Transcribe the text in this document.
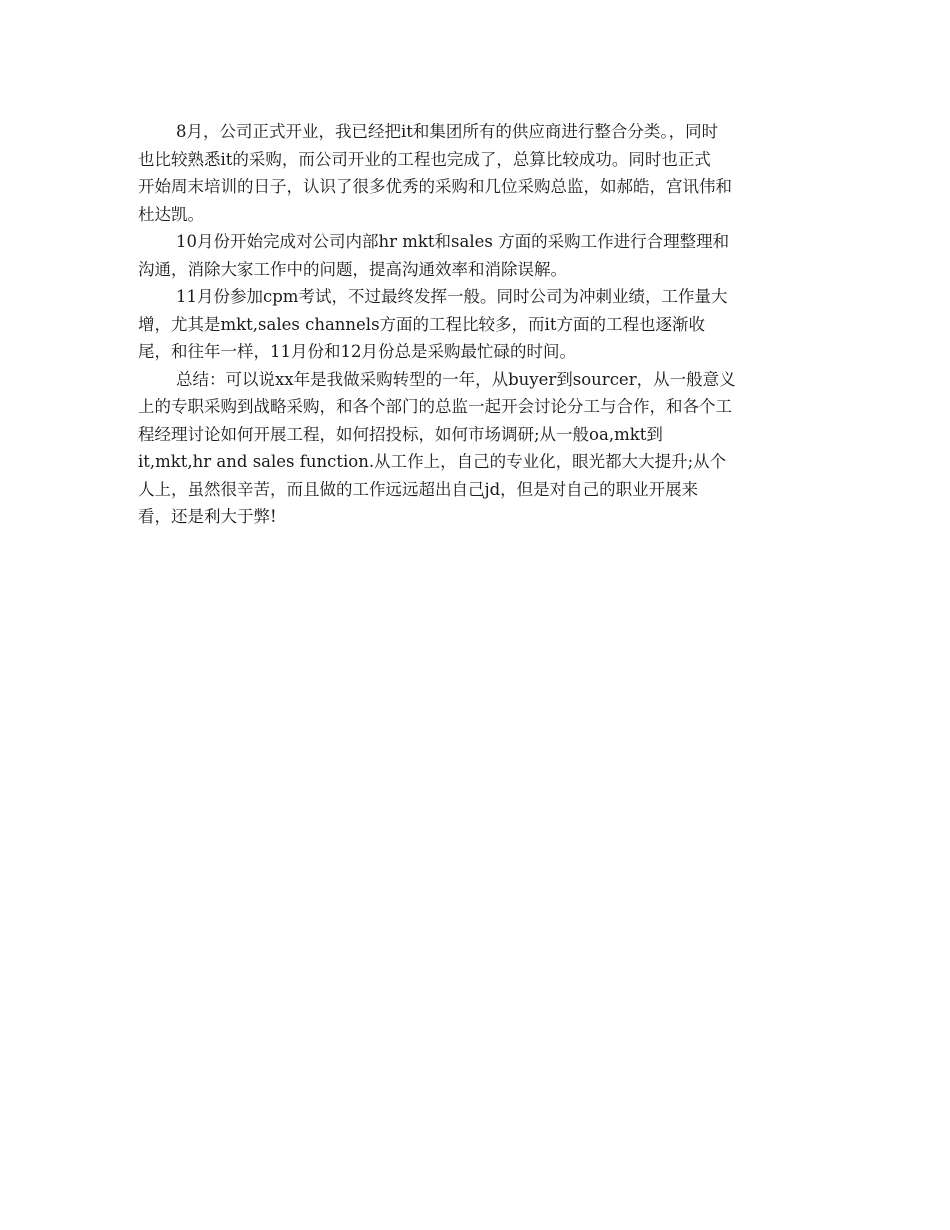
8月，公司正式开业，我已经把it和集团所有的供应商进行整合分类。，同时
也比较熟悉it的采购，而公司开业的工程也完成了，总算比较成功。同时也正式
开始周末培训的日子，认识了很多优秀的采购和几位采购总监，如郝皓，宫讯伟和
杜达凯。
10月份开始完成对公司内部hr mkt和sales 方面的采购工作进行合理整理和
沟通，消除大家工作中的问题，提高沟通效率和消除误解。
11月份参加cpm考试，不过最终发挥一般。同时公司为冲刺业绩，工作量大
增，尤其是mkt,sales channels方面的工程比较多，而it方面的工程也逐渐收
尾，和往年一样，11月份和12月份总是采购最忙碌的时间。
总结：可以说xx年是我做采购转型的一年，从buyer到sourcer，从一般意义
上的专职采购到战略采购，和各个部门的总监一起开会讨论分工与合作，和各个工
程经理讨论如何开展工程，如何招投标，如何市场调研;从一般oa,mkt到
it,mkt,hr and sales function.从工作上，自己的专业化，眼光都大大提升;从个
人上，虽然很辛苦，而且做的工作远远超出自己jd，但是对自己的职业开展来
看，还是利大于弊!
